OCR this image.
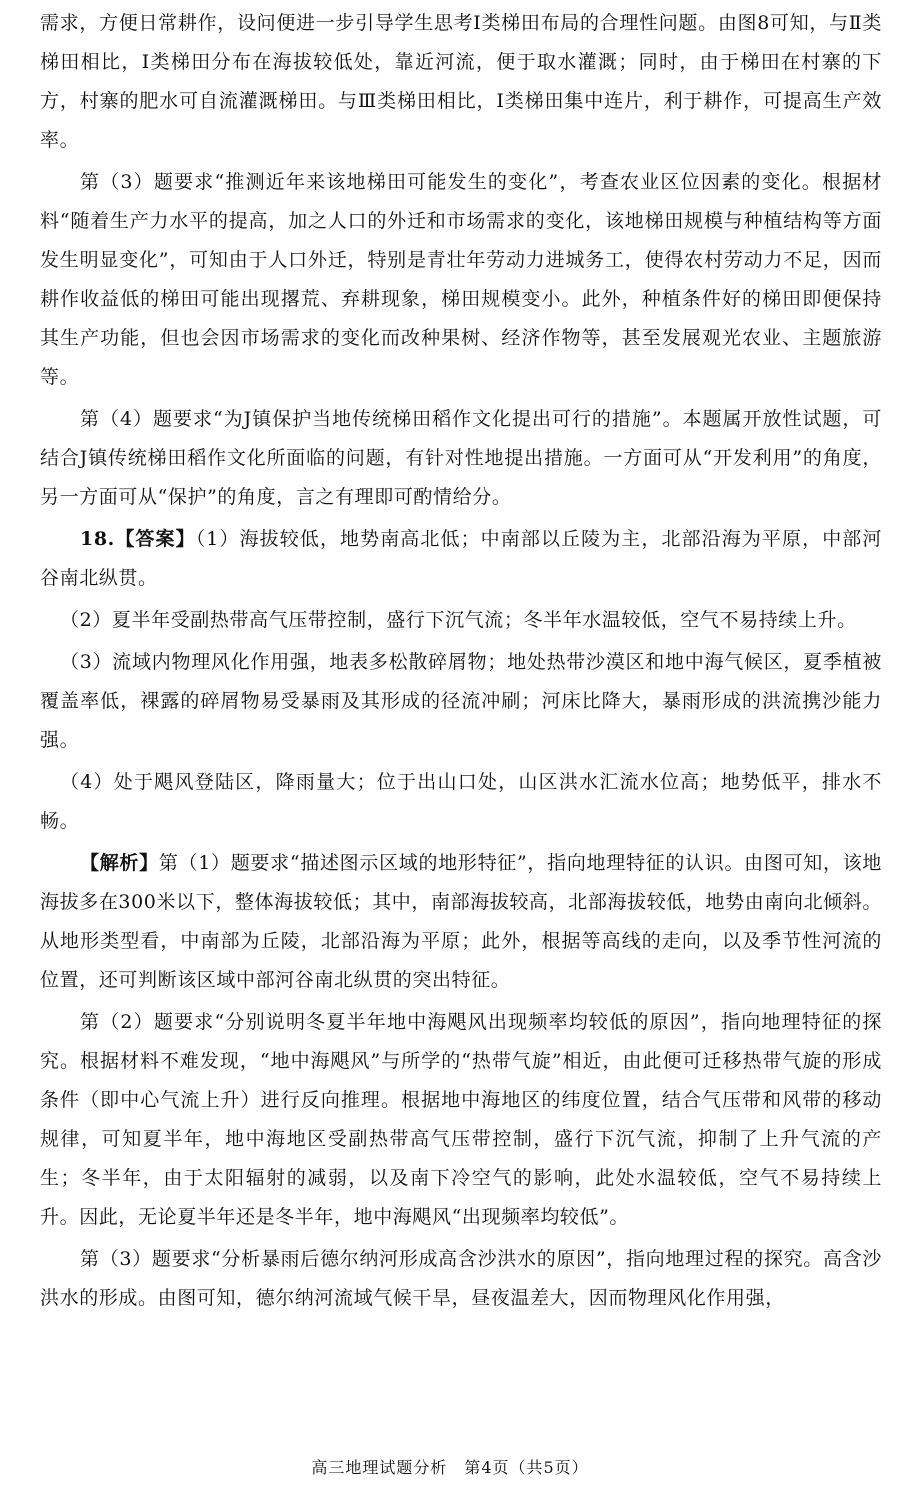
需求，方便日常耕作，设问便进一步引导学生思考Ⅰ类梯田布局的合理性问题。由图8可知，与Ⅱ类梯田相比，Ⅰ类梯田分布在海拔较低处，靠近河流，便于取水灌溉；同时，由于梯田在村寨的下方，村寨的肥水可自流灌溉梯田。与Ⅲ类梯田相比，Ⅰ类梯田集中连片，利于耕作，可提高生产效率。

第（3）题要求“推测近年来该地梯田可能发生的变化”，考查农业区位因素的变化。根据材料“随着生产力水平的提高，加之人口的外迁和市场需求的变化，该地梯田规模与种植结构等方面发生明显变化”，可知由于人口外迁，特别是青壮年劳动力进城务工，使得农村劳动力不足，因而耕作收益低的梯田可能出现撂荒、弃耕现象，梯田规模变小。此外，种植条件好的梯田即便保持其生产功能，但也会因市场需求的变化而改种果树、经济作物等，甚至发展观光农业、主题旅游等。

第（4）题要求“为J镇保护当地传统梯田稻作文化提出可行的措施”。本题属开放性试题，可结合J镇传统梯田稻作文化所面临的问题，有针对性地提出措施。一方面可从“开发利用”的角度，另一方面可从“保护”的角度，言之有理即可酌情给分。

18.【答案】（1）海拔较低，地势南高北低；中南部以丘陵为主，北部沿海为平原，中部河谷南北纵贯。

（2）夏半年受副热带高气压带控制，盛行下沉气流；冬半年水温较低，空气不易持续上升。

（3）流域内物理风化作用强，地表多松散碎屑物；地处热带沙漠区和地中海气候区，夏季植被覆盖率低，裸露的碎屑物易受暴雨及其形成的径流冲刷；河床比降大，暴雨形成的洪流携沙能力强。

（4）处于飓风登陆区，降雨量大；位于出山口处，山区洪水汇流水位高；地势低平，排水不畅。

【解析】第（1）题要求“描述图示区域的地形特征”，指向地理特征的认识。由图可知，该地海拔多在300米以下，整体海拔较低；其中，南部海拔较高，北部海拔较低，地势由南向北倾斜。从地形类型看，中南部为丘陵，北部沿海为平原；此外，根据等高线的走向，以及季节性河流的位置，还可判断该区域中部河谷南北纵贯的突出特征。

第（2）题要求“分别说明冬夏半年地中海飓风出现频率均较低的原因”，指向地理特征的探究。根据材料不难发现，“地中海飓风”与所学的“热带气旋”相近，由此便可迁移热带气旋的形成条件（即中心气流上升）进行反向推理。根据地中海地区的纬度位置，结合气压带和风带的移动规律，可知夏半年，地中海地区受副热带高气压带控制，盛行下沉气流，抑制了上升气流的产生；冬半年，由于太阳辐射的减弱，以及南下冷空气的影响，此处水温较低，空气不易持续上升。因此，无论夏半年还是冬半年，地中海飓风“出现频率均较低”。

第（3）题要求“分析暴雨后德尔纳河形成高含沙洪水的原因”，指向地理过程的探究。高含沙洪水的形成。由图可知，德尔纳河流域气候干旱，昼夜温差大，因而物理风化作用强，

高三地理试题分析　第4页（共5页）
